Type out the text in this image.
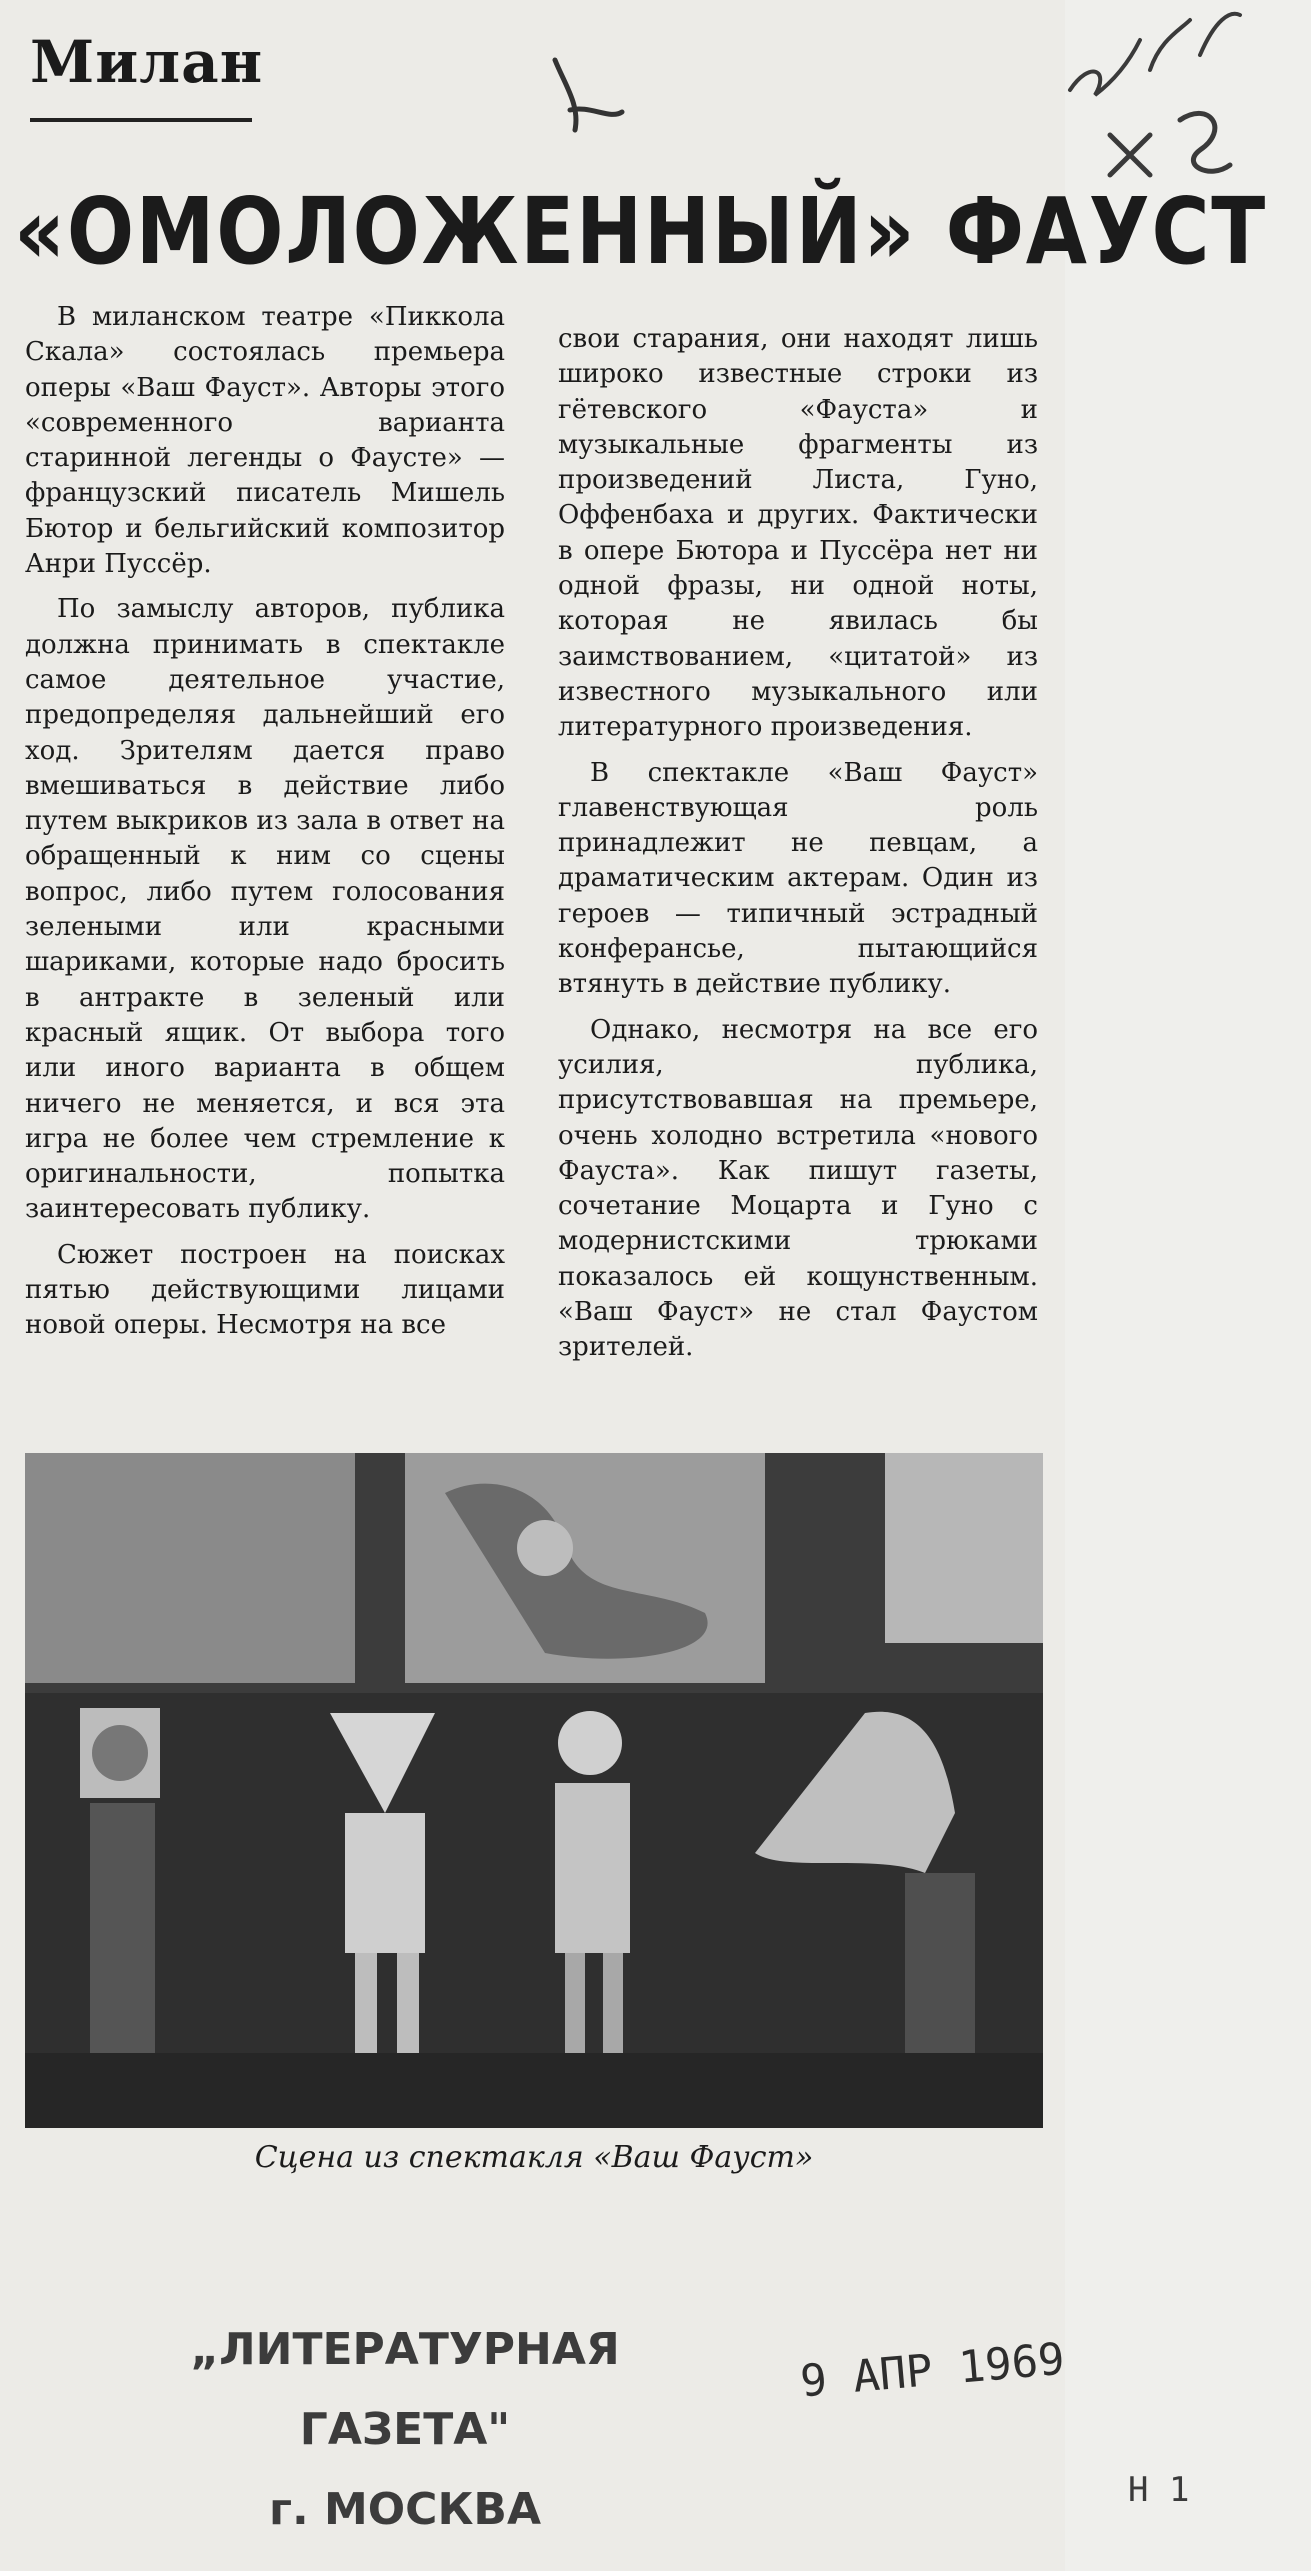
Милан
«ОМОЛОЖЕННЫЙ» ФАУСТ

В миланском театре «Пиккола Скала» состоялась премьера оперы «Ваш Фауст». Авторы этого «современного варианта старинной легенды о Фаусте» — французский писатель Мишель Бютор и бельгийский композитор Анри Пуссёр.

По замыслу авторов, публика должна принимать в спектакле самое деятельное участие, предопределяя дальнейший его ход. Зрителям дается право вмешиваться в действие либо путем выкриков из зала в ответ на обращенный к ним со сцены вопрос, либо путем голосования зелеными или красными шариками, которые надо бросить в антракте в зеленый или красный ящик. От выбора того или иного варианта в общем ничего не меняется, и вся эта игра не более чем стремление к оригинальности, попытка заинтересовать публику.

Сюжет построен на поисках пятью действующими лицами новой оперы. Несмотря на все

свои старания, они находят лишь широко известные строки из гётевского «Фауста» и музыкальные фрагменты из произведений Листа, Гуно, Оффенбаха и других. Фактически в опере Бютора и Пуссёра нет ни одной фразы, ни одной ноты, которая не явилась бы заимствованием, «цитатой» из известного музыкального или литературного произведения.

В спектакле «Ваш Фауст» главенствующая роль принадлежит не певцам, а драматическим актерам. Один из героев — типичный эстрадный конферансье, пытающийся втянуть в действие публику.

Однако, несмотря на все его усилия, публика, присутствовавшая на премьере, очень холодно встретила «нового Фауста». Как пишут газеты, сочетание Моцарта и Гуно с модернистскими трюками показалось ей кощунственным. «Ваш Фауст» не стал Фаустом зрителей.

Сцена из спектакля «Ваш Фауст»
„ЛИТЕРАТУРНАЯ ГАЗЕТА"
г. МОСКВА
9 АПР 1969
Н 1
